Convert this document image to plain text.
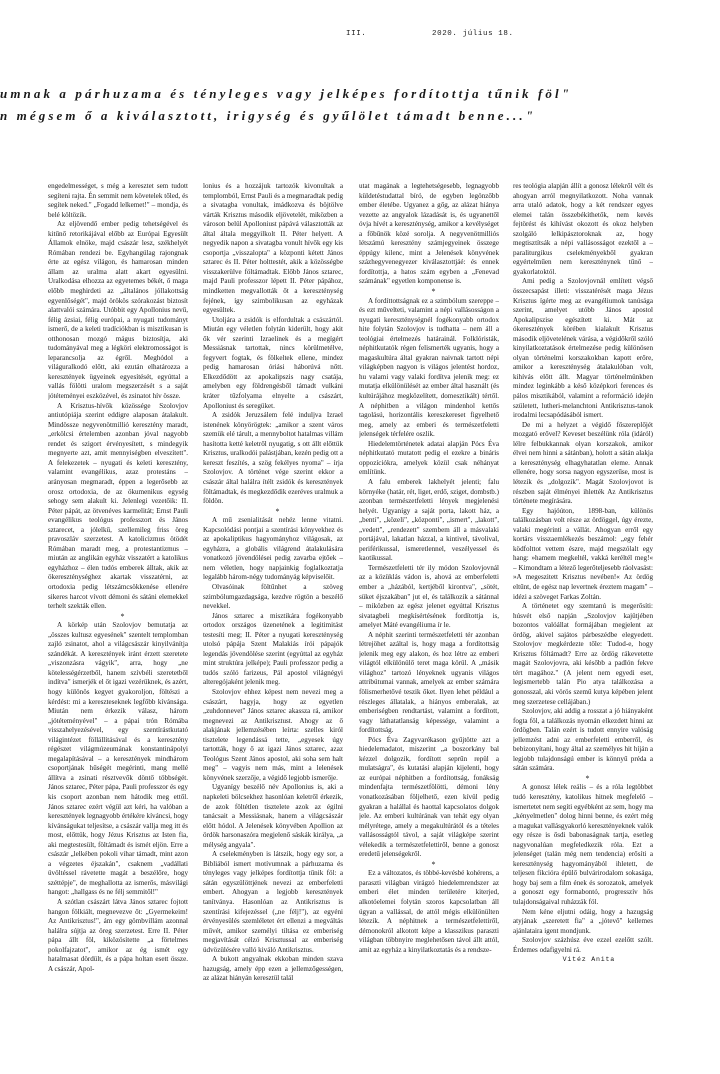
III.	2020. július 18.
umnak a párhuzama és tényleges vagy jelképes fordítottja tűnik föl"
n mégsem ő a kiválasztott, irigység és gyűlölet támadt benne..."

engedelmességet, s még a keresztet sem tudott segíteni rajta. Én semmit nem követelek tőled, és segítek neked." „Fogadd lelkemet!" – mondja, és belé költözik.

Az eljövendő ember pedig tehetségével és kitűnő retorikájával előbb az Európai Egyesült Államok elnöke, majd császár lesz, székhelyét Rómában rendezi be. Egyhangúlag rajongnak érte az egész világon, és hamarosan minden állam az uralma alatt akart egyesülni. Uralkodása elhozza az egyetemes békét, ő maga előbb meghirdeti az „általános jóllakottság egyenlőségét", majd örökös szórakozást biztosít alattvalói számára. Utóbbit egy Apollonius nevű, félig ázsiai, félig európai, a nyugati tudományt ismerő, de a keleti tradíciókban is misztikusan is otthonosan mozgó mágus biztosítja, aki tudományával meg a légköri elektromosságot is leparancsolja az égről. Meghódol a világuralkodó előtt, aki ezután elhatározza a keresztények ügyeinek egyesítését, egyúttal a vallás fölötti uralom megszerzését s a saját jótéteményei eszközével, és zsinatot hív össze.

A Krisztus-hívők közössége Szolovjov antiutópiája szerint eddigre alaposan átalakult. Mindössze negyvenötmillió keresztény maradt, „erkölcsi értelemben azonban jóval nagyobb rendet és szigort érvényesített, s mindegyik megnyerte azt, amit mennyiségben elveszített". A felekezetek – nyugati és keleti keresztény, valamint evangélikus, azaz protestáns – arányosan megmaradt, éppen a legerősebb az orosz ortodoxia, de az ökumenikus egység sehogy sem alakult ki. Jelenlegi vezetőik: II. Péter pápát, az ötvenéves karmelitát; Ernst Pauli evangélikus teológus professzort és János sztarecet, a jólelkű, szellemileg friss öreg pravoszláv szerzetest. A katolicizmus ötödét Rómában maradt meg, a protestantizmus – miután az anglikán egyház visszatért a katolikus egyházhoz – élen tudós emberek álltak, akik az ökereszténységhez akartak visszatérni, az ortodoxia pedig létszámcsökkenése ellenére sikeres harcot vívott démoni és sátáni elemekkel terhelt szekták ellen.

*

A körkép után Szolovjov bemutatja az „összes kultusz egyesének" szentelt templomban zajló zsinatot, ahol a világcsászár kinyilvánítja szándékát. A keresztények iránt érzett szeretete „viszonzásra vágyik", arra, hogy „ne kötelességérzetből, hanem szívbéli szeretetből indítva" ismerjék el őt igazi vezérüknek, és azért, hogy különös kegyet gyakoroljon, föltészi a kérdést: mi a kereszteseknek legfőbb kívánsága. Miután nem érkezik válasz, három „jótéteményével" – a pápai trón Rómába visszahelyezésével, egy szentírástkutató világintézet föllállításával és a keresztény régészet világmúzeumának konstantinápolyi megalapításával – a keresztények mindhárom csoportjának hűségét megérinti, mang mellé állítva a zsinati résztvevők döntő többségét. János sztarec, Péter pápa, Pauli professzor és egy kis csoport azonban nem hátodik meg ettől. János sztarec ezért végül azt kéri, ha valóban a keresztények legnagyobb értékére kíváncsi, hogy kívánságukat teljesítse, a császár vallja meg itt és most, előttük, hogy Jézus Krisztus az Isten fia, aki megtestesült, föltámadt és ismét eljön. Erre a császár „lelkében pokoli vihar támadt, mint azon a végzetes éjszakán", csaknem „vadállati üvöltéssel rávetette magát a beszélőre, hogy széttépje", de meghallotta az ismerős, másvilági hangot: „hallgass és ne félj semmitől!"

A szótlan császárt látva János sztarec fojtott hangon fölkiált, megnevezve őt: „Gyermekeim! Az Antikrisztus!", ám egy gömbvillám azonnal halálra sújtja az öreg szerzetest. Erre II. Péter pápa állt föl, kiközösítette „a förtelmes pokolfajzatot", amikor az ég ismét egy hatalmasat dördült, és a pápa holtan esett össze. A császár, Apol-

lonius és a hozzájuk tartozók kivonultak a templomból, Ernst Pauli és a megmaradtak pedig a sivatagba vonultak, imádkozva és böjtölve várták Krisztus második eljövetelét, miközben a városon belül Apolloniust pápává választották az által általa meggyilkolt II. Péter helyett. A negyedik napon a sivatagba vonult hívők egy kis csoportja „visszalopta" a központi kétett János sztarec és II. Péter holttestét, akik a közösségbe visszakerülve föltámadtak. Előbb János sztarec, majd Pauli professzor lépett II. Péter pápához, mindketten megvallották őt a kereszténység fejének, így szimbolikusan az egyházak egyesültek.

Utoljára a zsidók is elfordultak a császártól. Miután egy véletlen folytán kiderült, hogy akit ők vér szerinti Izraelinek és a megígért Messiásnak tartottak, nincs körülmetélve, fegyvert fogtak, és fölkeltek ellene, mindez pedig hamarosan óriási háborúvá nőtt. Elkezdődött az apokalipszis nagy csatája, amelyben egy földrengésből támadt vulkáni kráter tűzfolyama elnyelte a császárt, Apolloniust és seregüket.

A zsidók Jeruzsálem felé induljva Izrael istenének könyörögtek: „amikor a szent város szemük elé tárult, a mennyboltot hatalmas villám hasította ketté keletről nyugatig, s ott állt előttük Krisztus, uralkodói palástjában, kezén pedig ott a kereszt feszítés, a szög fekélyes nyoma" – írja Szolovjov. A történet vége szerint ekkor a császár által halálra ítélt zsidók és keresztények föltámadtak, és megkezdődik ezeréves uralmuk a földön.

*

A mű zsenialitását nehéz lenne vitatni. Kapcsolódási pontjai a szentírási könyvekhez és az apokaliptikus hagyományhoz világosak, az egyházra, a globális világrend átalakulására vonatkozó jövendölései pedig zavarba ejtőek – nem véletlen, hogy napjainkig foglalkoztatja legalább három-négy tudományág képviselőit.

Olvasóinak föltűnhet a szöveg szimbólumgazdagsága, kezdve rögtön a beszélő nevekkel.

János sztarec a misztikára fogékonyabb ortodox országos üzenetének a legitimitást testesíti meg; II. Péter a nyugati kereszténység utolsó pápája Szent Malakiás írói pápajók legendás jövendölése szerint (egyúttal az egyház mint struktúra jelképe); Pauli professzor pedig a tudós szóló farizeus, Pál apostol világnégyi alteregójaként jelenik meg.

Szolovjov ehhez képest nem nevezi meg a császárt, hagyja, hogy az egyetlen „zuhdonnevet" János sztarec akassza rá, amikor megnevezi az Antikrisztust. Ahogy az ő alakjának jellemzésében leírta: szelles kiról tisztelete legendássá tette, „egyesek úgy tartották, hogy ő az igazi János sztarec, azaz Teológus Szent János apostol, aki soha sem halt meg" – vagyis nem más, mint a lelenések könyvének szerzője, a végidő legjobb ismerője.

Ugyanígy beszélő név Apollonius is, aki a napkeleti bölcsekhez hasonlóan keletről érkezik, de azok föltétlen tisztelete azok az égilni tanácsait a Messiásnak, hanem a világcsászár előtt hódol. A Jelenések könyvében Apollion az ördök harsonaszóra megjelenő sáskák királya, „a mélység angyala".

A cselekményben is látszik, hogy egy sor, a Bibliából ismert motívumnak a párhuzama és tényleges vagy jelképes fordítottja tűnik föl: a sátán egyszülöttjének nevezi az emberfeletti embert. Ahogyan a legjobb keresztények tanítványa. Hasonlóan az Antikrisztus is szentírási kifejezéssel („ne félj!"), az egyéni érvényesülés szemléletet ért ellenzi a megváltás művét, amikor személyi tiltása ez emberiség megjavítását célzó Krisztussal az emberiség üdvözülésére valló kiváló Antikrisztus.

A bukott angyalnak ekkoban minden szava hazugság, amely épp ezen a jellemzőgességen, az alázat hiányán keresztül talál

utat magának a legtehetségesebb, legnagyobb küldetéstudattal bíró, de egyben legönzőbb ember életébe. Ugyanez a gőg, az alázat hiánya vezette az angyalok lázadását is, és ugyanettől óvja hívét a kereszténység, amikor a kevélységet a főbűnök közé sorolja. A negyvenötmilliós létszámú keresztény számjegyeinek összege éppúgy kilenc, mint a Jelenések könyvének százhegyvenegyezer kiválasztottjáé: és ennek fordítottja, a hatos szám egyben a „Fenevad számának" egyetlen komponense is.

*

A fordíttottságnak ez a szimbólum szereppe – és ezt művelteti, valamint a népi vallásosságon a nyugati kereszténységnél fogékonyabb ortodox hite folytán Szolovjov is tudhatta – nem áll a teológiai értelmezés határainál. Folklóristák, néphitkutatók régen felismerték ugyanis, hogy a magaskultúra által gyakran naivnak tartott népi világképben nagyon is világos jelentést hordoz, hu valami vagy valaki fordítva jelenik meg: ez mutatja elkülönülését az ember által használt (és kultúrájához megközelített, domesztikált) tértől. A néphitben a világon mindenhol kettős tagolású, horizontális kereszkereset figyelhető meg, amely az emberi és természetfeletti jelenségek térfelére oszlik.

Hiedelemtörténetek adatai alapján Pócs Éva néphitkutató mutatott pedig el ezekre a bináris oppozíciókra, amelyek közül csak néhányat említünk.

A falu emberek lakhelyét jelenti; falu környéke (határ, rét, liget, erdő, sziget, dombstb.) azonban természetfeletti lények megjelenési helyét. Ugyanígy a saját porta, lakott ház, a „benti", „közeli", „központi", „ismert", „lakott", „vedett", „rendezett" szembem áll a másvalaki portájával, lakatlan házzal, a kintivel, távolival, periférikussal, ismeretlennel, veszélyessel és kaotikussal.

Természetfeletti tér ily módon Szolovjovnál az a közüklás vádon is, ahová az emberfeletti ember a „házából, kertjéből kirontva", „sötét, süket éjszakában" jut el, és találkozik a sátánnal – miközben az egész jelenet egyúttal Krisztus sivatagbeli megkísértésének fordítottja is, amelyet Máté evangéliuma ír le.

A néphit szerinti természetfeletti tér azonban létrejöhet azáltal is, hogy maga a fordítottság jelenik meg egy alakon, és hoz létre az emberi világtól elkülönülő teret maga körül. A „másik világhoz" tartozó lényeknek ugyanis világos attribútumai vannak, amelyek az ember számára fölismerhetővé teszik őket. Ilyen lehet például a részleges állatalak, a hiányos emberalak, az emberiségben rendtartást, valamint a fordított, vagy láthatatlanság képessége, valamint a fordítottság.

Pócs Éva Zagyvarékason gyűjtötte azt a hiedelemadatot, miszerint „a boszorkány bal kézzel dolgozik, fordított seprűn repül a mulatságra", és kutatási alapján kijelenti, hogy az európai néphitben a fordítottság, fonákság mindenfajta természetfölötti, démoni lény vonatkozásában följelhető, ezen kívül pedig gyakran a halállal és haottal kapcsolatos dolgok jele. Az emberi kultúrának van tehát egy olyan mélyrétege, amely a megakultúrától és a tételes vallásosságtól távol, a saját világképe szerint vélekedik a természetfelettiről, benne a gonosz eredetű jelenségekről.

*

Ez a változatos, és többé-kevésbé kohérens, a paraszti világban virágzó hiedelemrendszer az emberi élet minden területére kiterjed, alkotóelemei folytán szoros kapcsolatban áll úgyan a vallással, de attól mégis elkülönülten létezik. A néphitnek a természetfelettiről, démonokról alkotott képe a klasszikus paraszti világban többnyire meglehetősen távol állt attól, amit az egyház a kinyilatkoztatás és a rendsze-

res teológia alapján állít a gonosz lélekről vélt és ahogyan arról megnyilatkozott. Noha vannak arra utaló adatok, hogy a két rendszer egyes elemei talán összebékíthetők, nem kevés fejtörést és kihívást okozott és okoz helyben szolgáló lelkipásztoroknak az, hogy megtisztítsák a népi vallásosságot ezektől a – paraliturgikus cselekményekből gyakran egyértelműen nem kereszténynek tűnő – gyakorlatoktól.

Ami pedig a Szolovjovnál említett végső összecsapást illeti: visszatérését maga Jézus Krisztus ígérte meg az evangéliumok tanúsága szerint, amelyet utóbb János apostol Apokalipszise egészített ki. Mát az ókeresztények körében kialakult Krisztus második eljövetelének várása, a végidőkről szóló kinyilatkoztatások értelmezése pedig különösen olyan történelmi korszakokban kapott erőre, amikor a kereszténység átalakulóban volt, kihívás előtt állt. Magyar történelmünkben mindez leginkább a késő középkori ferences és pálos misztikából, valamint a reformáció idején született, lutheri-melanchtoni Antikrisztus-tanok irodalmi lecsapódásából ismert.

De mi a helyzet a végidő főszereplőjét mozgató erővel? Keveset beszélünk róla (idáról) lélre felbukkannak olyan korszakok, amikor élvei nem hinni a sátánban), holott a sátán alakja a kereszténység elhagyhatatlan eleme. Annak ellenére, hogy sorsa nagyon egyszerűse, most is létezik és „dolgozik". Magát Szolovjovot is részben saját élményei ihlették Az Antikrisztus története megírására.

Egy hajóúton, 1898-ban, különös találkozásban volt része az ördöggel, úgy érezte, valaki megérinti a vállát. Ahogyan erről egy kortárs visszaemlékezés beszámol: „egy fehér ködfolttot vettem észre, majd megszólalt egy hang: »hamem megkeltél, vakká keréltél meg!« – Kimondtam a létező legerőteljesebb ráolvasást: »A megeszitett Krisztus nevében!« Az ördög eltűnt, de egész nap levertnek éreztem magam" – idézi a szöveget Farkas Zoltán.

A történetet egy szemtanú is megerősíti: húsvét első napján „Szolovjov kajütjében bozontos valóállat formájában megjelent az ördög, akivel sajátos párbeszédbe elegyedett. Szolovjov megkérdezte tőle: Tudod-e, hogy Krisztus föltámadt? Erre az ördög rákevetette magát Szolovjovra, aki később a padlón fekve tért magához." (A jelent nem egyedi eset, legismertebb talán Pio atya találkozása a gonosszal, aki vörös szemű kutya képében jelent meg szerzetese cellájában.)

Szolovjov, aki addig a rosszat a jó hiányaként fogta föl, a találkozás nyomán elkezdett hinni az ördögben. Talán ezért is tudott ennyire valóság jellemzést adni az emberfeletti emberről, és bebizonyítani, hogy által az személyes hit híján a legjobb tulajdonságú ember is könnyű préda a sátán számára.

*

A gonosz lélek reális – és a róla legtöbbet tudó keresztény, katolikus hitnek megfelelő – ismertetet nem segíti egyébként az sem, hogy ma „kényelmetlen" dolog hinni benne, és ezért még a magukat vallásgyakorló keresztényeknek valók egy része is ősdi babonaságnak tartja, esetleg nagyvonalúan megfeledkezik róla. Ezt a jelenséget (talán még nem tendencia) erősíti a kereszténység hagyományából ihletett, de teljesen fikcióra épülő bulvárirodalom sokasága, hogy baj sem a film ének és sorozatok, amelyek a gonoszt egy formabontó, progresszív hős tulajdonságaival ruházzák föl.

Nem kéne eljutni odáig, hogy a hazugság atyjának „szeretett fia" a „jótevő" kellemes ajánlataira igent mondjunk.

Szolovjov százhúsz éve ezzel ezelőtt szólt. Érdemes odafigyelni rá.

Vitéz Anita
